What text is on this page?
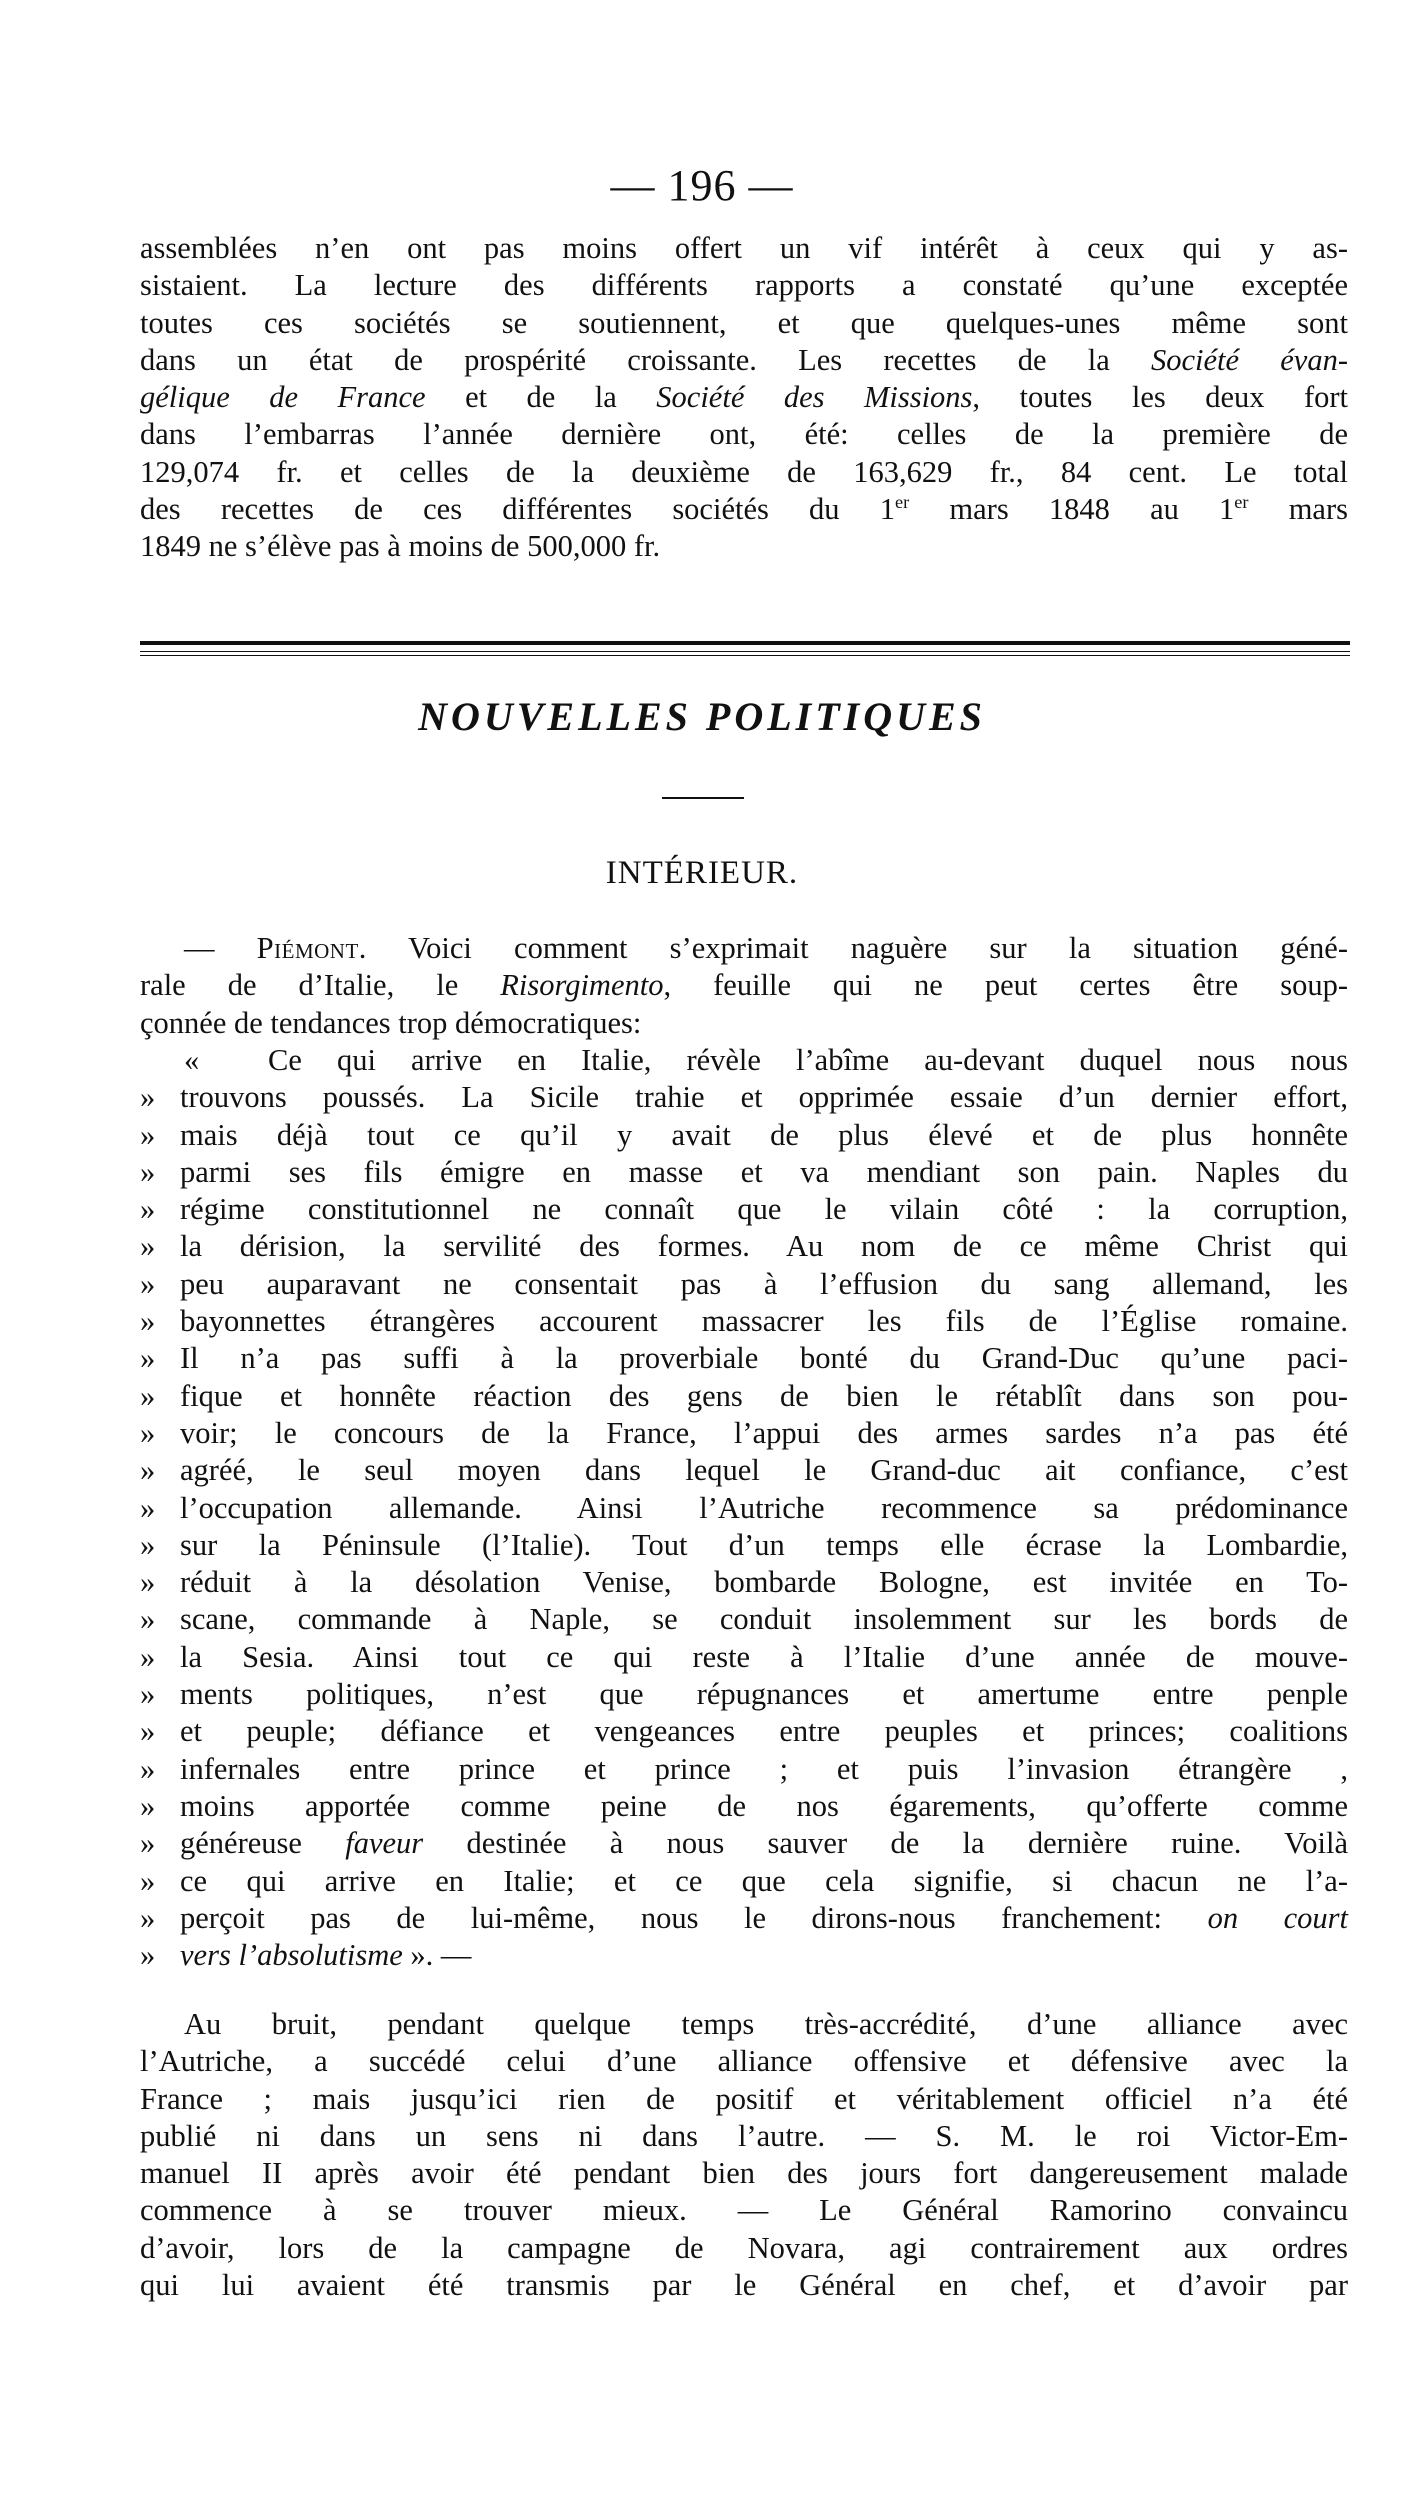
— 196 —
assemblées n’en ont pas moins offert un vif intérêt à ceux qui y as-
sistaient. La lecture des différents rapports a constaté qu’une exceptée
toutes ces sociétés se soutiennent, et que quelques-unes même sont
dans un état de prospérité croissante. Les recettes de la Société évan-
gélique de France et de la Société des Missions, toutes les deux fort
dans l’embarras l’année dernière ont, été: celles de la première de
129,074 fr. et celles de la deuxième de 163,629 fr., 84 cent. Le total
des recettes de ces différentes sociétés du 1er mars 1848 au 1er mars
1849 ne s’élève pas à moins de 500,000 fr.
NOUVELLES POLITIQUES
INTÉRIEUR.
— Piémont. Voici comment s’exprimait naguère sur la situation géné-
rale de d’Italie, le Risorgimento, feuille qui ne peut certes être soup-
çonnée de tendances trop démocratiques:
«	Ce qui arrive en Italie, révèle l’abîme au-devant duquel nous nous
» trouvons poussés. La Sicile trahie et opprimée essaie d’un dernier effort,
» mais déjà tout ce qu’il y avait de plus élevé et de plus honnête
» parmi ses fils émigre en masse et va mendiant son pain. Naples du
» régime constitutionnel ne connaît que le vilain côté : la corruption,
» la dérision, la servilité des formes. Au nom de ce même Christ qui
» peu auparavant ne consentait pas à l’effusion du sang allemand, les
» bayonnettes étrangères accourent massacrer les fils de l’Église romaine.
» Il n’a pas suffi à la proverbiale bonté du Grand-Duc qu’une paci-
» fique et honnête réaction des gens de bien le rétablît dans son pou-
» voir; le concours de la France, l’appui des armes sardes n’a pas été
» agréé, le seul moyen dans lequel le Grand-duc ait confiance, c’est
» l’occupation allemande. Ainsi l’Autriche recommence sa prédominance
» sur la Péninsule (l’Italie). Tout d’un temps elle écrase la Lombardie,
» réduit à la désolation Venise, bombarde Bologne, est invitée en To-
» scane, commande à Naple, se conduit insolemment sur les bords de
» la Sesia. Ainsi tout ce qui reste à l’Italie d’une année de mouve-
» ments politiques, n’est que répugnances et amertume entre penple
» et peuple; défiance et vengeances entre peuples et princes; coalitions
» infernales entre prince et prince ; et puis l’invasion étrangère ,
» moins apportée comme peine de nos égarements, qu’offerte comme
» généreuse faveur destinée à nous sauver de la dernière ruine. Voilà
» ce qui arrive en Italie; et ce que cela signifie, si chacun ne l’a-
» perçoit pas de lui-même, nous le dirons-nous franchement: on court
» vers l’absolutisme ». —
Au bruit, pendant quelque temps très-accrédité, d’une alliance avec
l’Autriche, a succédé celui d’une alliance offensive et défensive avec la
France ; mais jusqu’ici rien de positif et véritablement officiel n’a été
publié ni dans un sens ni dans l’autre. — S. M. le roi Victor-Em-
manuel II après avoir été pendant bien des jours fort dangereusement malade
commence à se trouver mieux. — Le Général Ramorino convaincu
d’avoir, lors de la campagne de Novara, agi contrairement aux ordres
qui lui avaient été transmis par le Général en chef, et d’avoir par
